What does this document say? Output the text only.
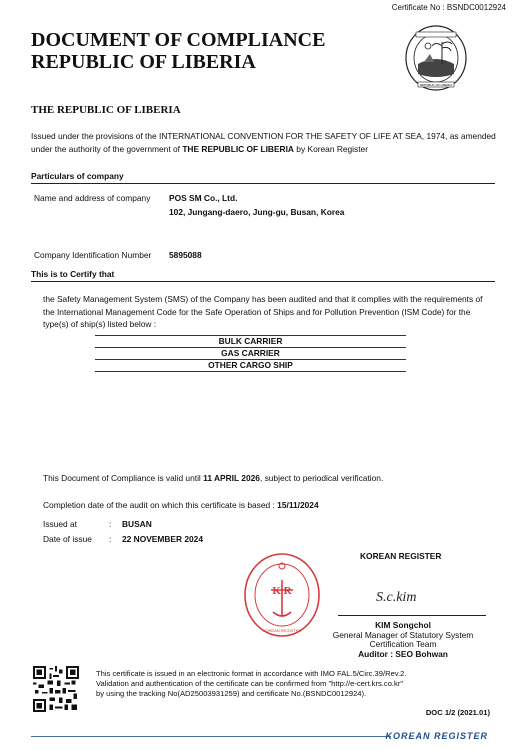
Certificate No : BSNDC0012924
DOCUMENT OF COMPLIANCE
REPUBLIC OF LIBERIA
REPUBLIC OF LIBERIA
THE REPUBLIC OF LIBERIA
Issued under the provisions of the INTERNATIONAL CONVENTION FOR THE SAFETY OF LIFE AT SEA, 1974, as amended under the authority of the government of THE REPUBLIC OF LIBERIA by Korean Register
Particulars of company
Name and address of company POS SM Co., Ltd.
102, Jungang-daero, Jung-gu, Busan, Korea
Company Identification Number 5895088
This is to Certify that
the Safety Management System (SMS) of the Company has been audited and that it complies with the requirements of the International Management Code for the Safe Operation of Ships and for Pollution Prevention (ISM Code) for the type(s) of ship(s) listed below :
BULK CARRIER
GAS CARRIER
OTHER CARGO SHIP
This Document of Compliance is valid until 11 APRIL 2026, subject to periodical verification.
Completion date of the audit on which this certificate is based : 15/11/2024
Issued at	: BUSAN
Date of issue : 22 NOVEMBER 2024
KOREAN REGISTER
K R
KOREAN REGISTER
S.c.kim
KIM Songchol
General Manager of Statutory System
Certification Team
Auditor : SEO Bohwan
This certificate is issued in an electronic format in accordance with IMO FAL.5/Circ.39/Rev.2.
Validation and authentication of the certificate can be confirmed from "http://e-cert.krs.co.kr"
by using the tracking No(AD25003931259) and certificate No.(BSNDC0012924).
DOC 1/2 (2021.01)
KOREAN REGISTER
